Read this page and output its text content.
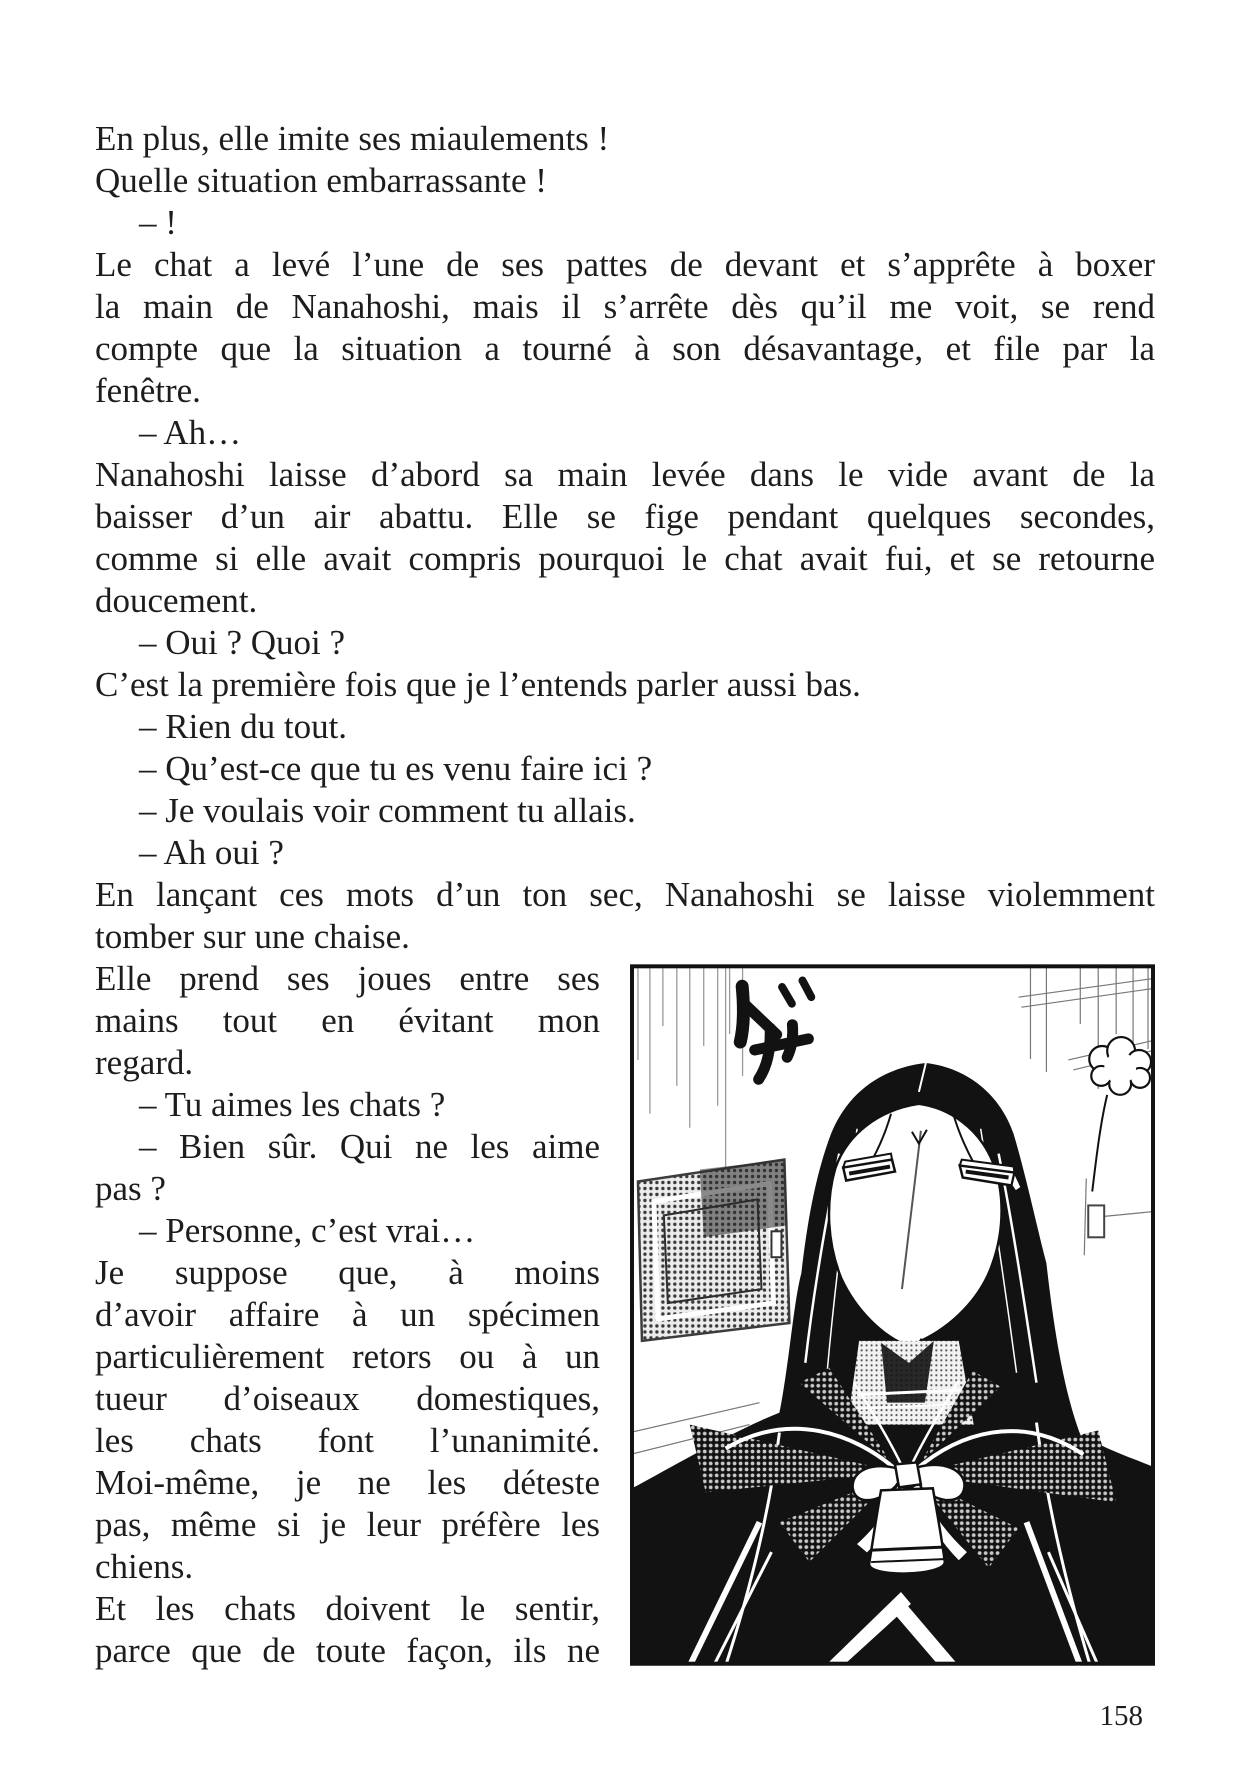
En plus, elle imite ses miaulements !
Quelle situation embarrassante !
– !
Le chat a levé l’une de ses pattes de devant et s’apprête à boxer
la main de Nanahoshi, mais il s’arrête dès qu’il me voit, se rend
compte que la situation a tourné à son désavantage, et file par la
fenêtre.
– Ah…
Nanahoshi laisse d’abord sa main levée dans le vide avant de la
baisser d’un air abattu. Elle se fige pendant quelques secondes,
comme si elle avait compris pourquoi le chat avait fui, et se retourne
doucement.
– Oui ? Quoi ?
C’est la première fois que je l’entends parler aussi bas.
– Rien du tout.
– Qu’est-ce que tu es venu faire ici ?
– Je voulais voir comment tu allais.
– Ah oui ?
En lançant ces mots d’un ton sec, Nanahoshi se laisse violemment
tomber sur une chaise.
Elle prend ses joues entre ses
mains tout en évitant mon
regard.
– Tu aimes les chats ?
– Bien sûr. Qui ne les aime
pas ?
– Personne, c’est vrai…
Je suppose que, à moins
d’avoir affaire à un spécimen
particulièrement retors ou à un
tueur d’oiseaux domestiques,
les chats font l’unanimité.
Moi-même, je ne les déteste
pas, même si je leur préfère les
chiens.
Et les chats doivent le sentir,
parce que de toute façon, ils ne
158
